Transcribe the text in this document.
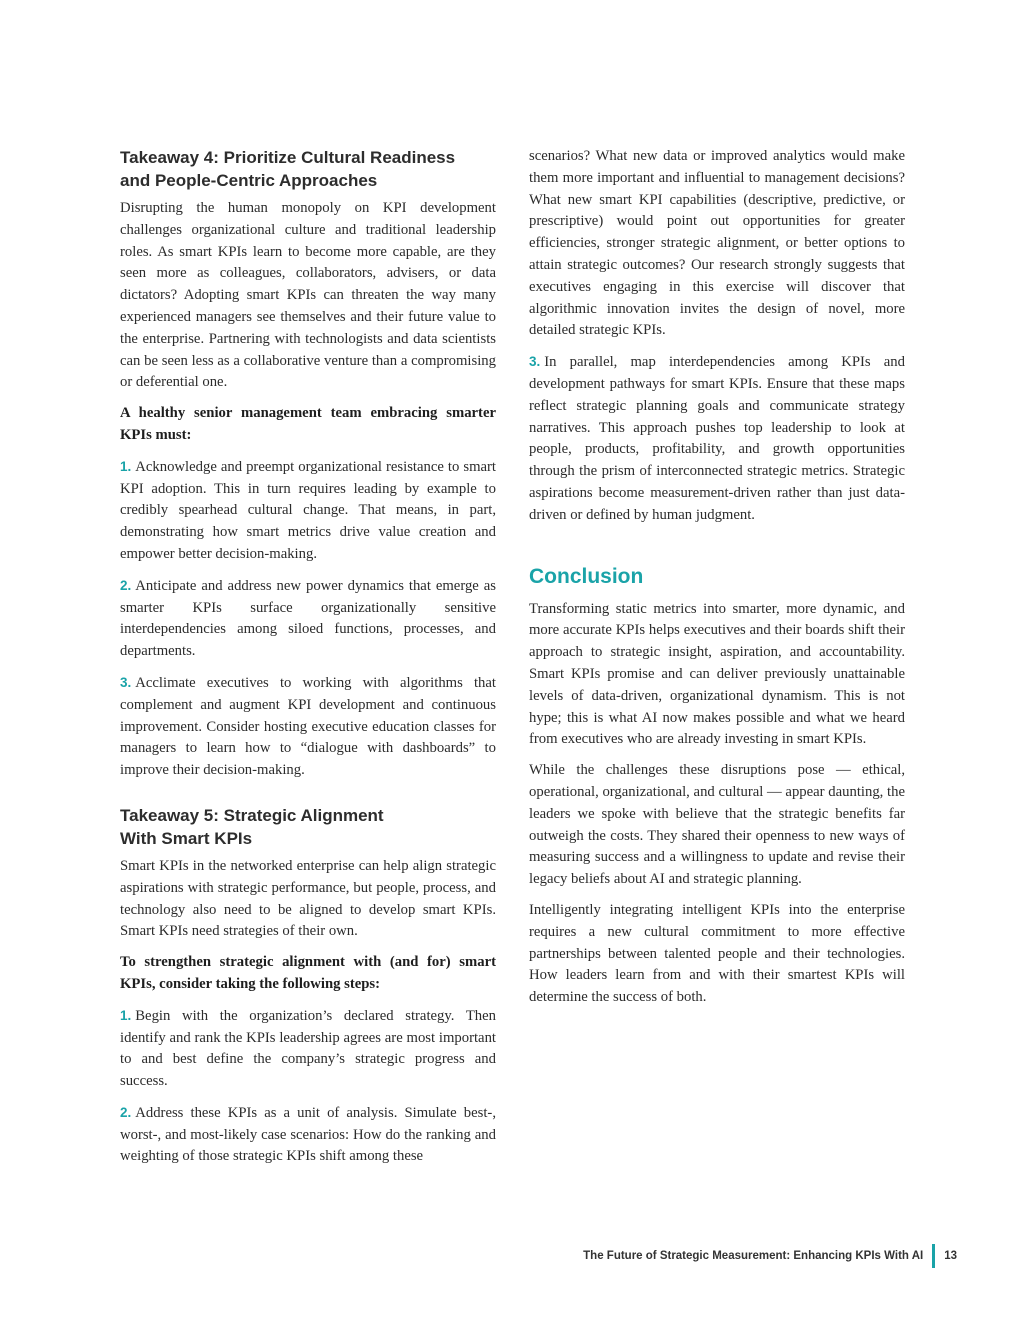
Takeaway 4: Prioritize Cultural Readiness
and People-Centric Approaches

Disrupting the human monopoly on KPI development challenges organizational culture and traditional leadership roles. As smart KPIs learn to become more capable, are they seen more as colleagues, collaborators, advisers, or data dictators? Adopting smart KPIs can threaten the way many experienced managers see themselves and their future value to the enterprise. Partnering with technologists and data scientists can be seen less as a collaborative venture than a compromising or deferential one.

A healthy senior management team embracing smarter KPIs must:

1. Acknowledge and preempt organizational resistance to smart KPI adoption. This in turn requires leading by example to credibly spearhead cultural change. That means, in part, demonstrating how smart metrics drive value creation and empower better decision-making.

2. Anticipate and address new power dynamics that emerge as smarter KPIs surface organizationally sensitive interdependencies among siloed functions, processes, and departments.

3. Acclimate executives to working with algorithms that complement and augment KPI development and continuous improvement. Consider hosting executive education classes for managers to learn how to “dialogue with dashboards” to improve their decision-making.

Takeaway 5: Strategic Alignment
With Smart KPIs

Smart KPIs in the networked enterprise can help align strategic aspirations with strategic performance, but people, process, and technology also need to be aligned to develop smart KPIs. Smart KPIs need strategies of their own.

To strengthen strategic alignment with (and for) smart KPIs, consider taking the following steps:

1. Begin with the organization’s declared strategy. Then identify and rank the KPIs leadership agrees are most important to and best define the company’s strategic progress and success.

2. Address these KPIs as a unit of analysis. Simulate best-, worst-, and most-likely case scenarios: How do the ranking and weighting of those strategic KPIs shift among these

scenarios? What new data or improved analytics would make them more important and influential to management decisions? What new smart KPI capabilities (descriptive, predictive, or prescriptive) would point out opportunities for greater efficiencies, stronger strategic alignment, or better options to attain strategic outcomes? Our research strongly suggests that executives engaging in this exercise will discover that algorithmic innovation invites the design of novel, more detailed strategic KPIs.

3. In parallel, map interdependencies among KPIs and development pathways for smart KPIs. Ensure that these maps reflect strategic planning goals and communicate strategy narratives. This approach pushes top leadership to look at people, products, profitability, and growth opportunities through the prism of interconnected strategic metrics. Strategic aspirations become measurement-driven rather than just data-driven or defined by human judgment.

Conclusion

Transforming static metrics into smarter, more dynamic, and more accurate KPIs helps executives and their boards shift their approach to strategic insight, aspiration, and accountability. Smart KPIs promise and can deliver previously unattainable levels of data-driven, organizational dynamism. This is not hype; this is what AI now makes possible and what we heard from executives who are already investing in smart KPIs.

While the challenges these disruptions pose — ethical, operational, organizational, and cultural — appear daunting, the leaders we spoke with believe that the strategic benefits far outweigh the costs. They shared their openness to new ways of measuring success and a willingness to update and revise their legacy beliefs about AI and strategic planning.

Intelligently integrating intelligent KPIs into the enterprise requires a new cultural commitment to more effective partnerships between talented people and their technologies. How leaders learn from and with their smartest KPIs will determine the success of both.

The Future of Strategic Measurement: Enhancing KPIs With AI 13
